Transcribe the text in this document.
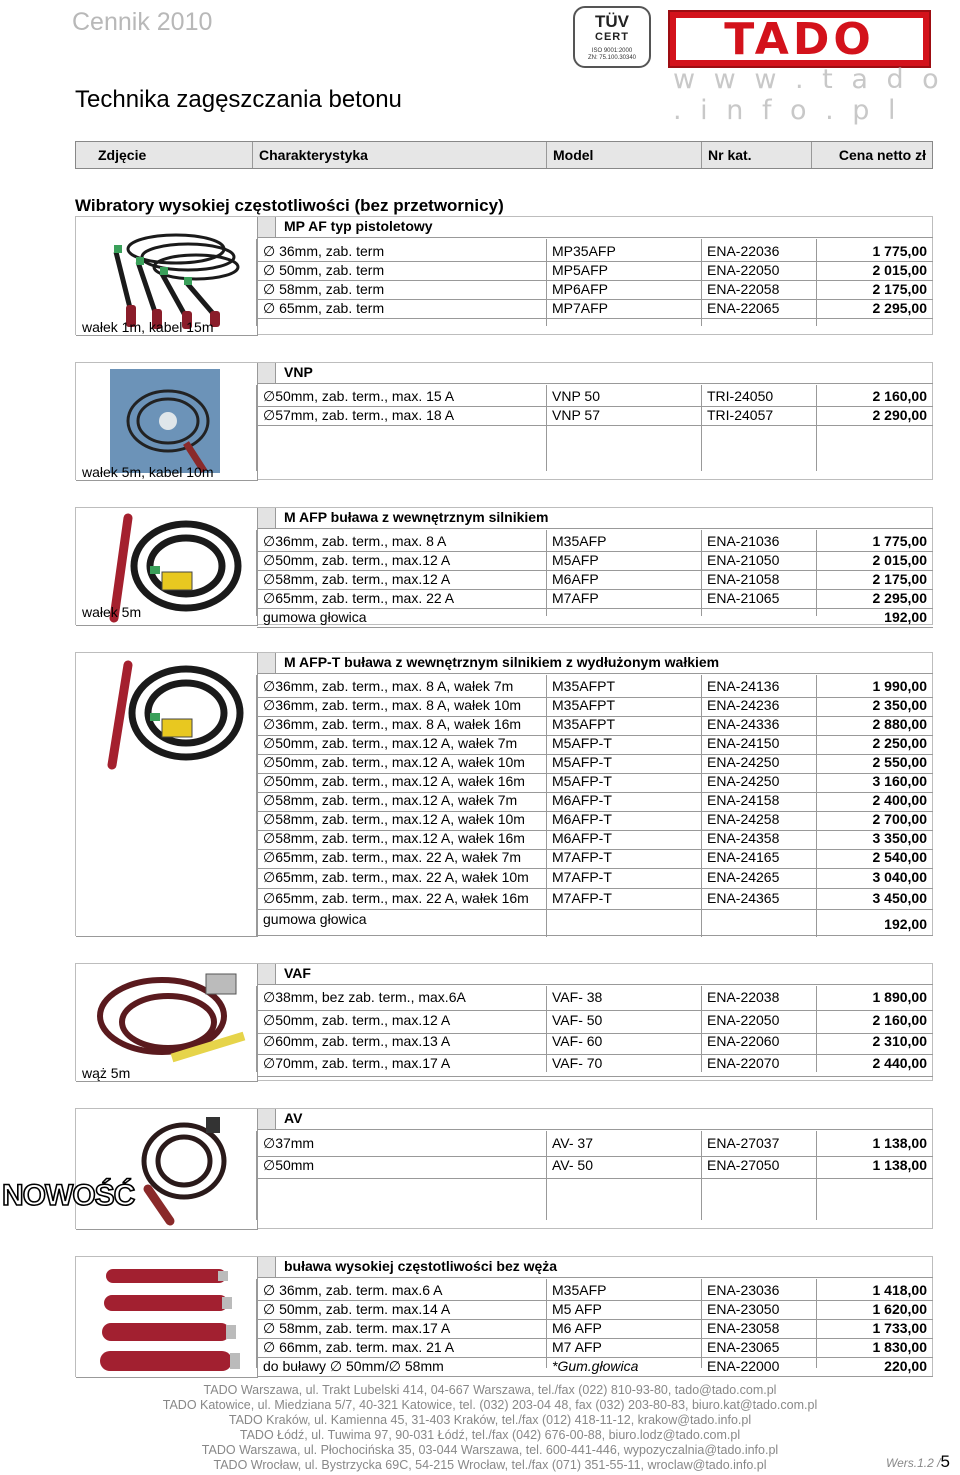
Cennik 2010
Technika zagęszczania betonu
TÜV
CERT
ISO 9001:2000
ZN: 75.100.30340	TADO
w w w . t a d o . i n f o . p l
Zdjęcie	Charakterystyka	Model	Nr kat.	Cena netto zł
Wibratory wysokiej częstotliwości (bez przetwornicy)
MP AF typ pistoletowy
∅ 36mm, zab. term	MP35AFP	ENA-22036	1 775,00
∅ 50mm, zab. term	MP5AFP	ENA-22050	2 015,00
∅ 58mm, zab. term	MP6AFP	ENA-22058	2 175,00
∅ 65mm, zab. term	MP7AFP	ENA-22065	2 295,00
wałek 1m, kabel 15m
VNP
∅50mm, zab. term., max. 15 A	VNP 50	TRI-24050	2 160,00
∅57mm, zab. term., max. 18 A	VNP 57	TRI-24057	2 290,00
wałek 5m, kabel 10m
M AFP buława z wewnętrznym silnikiem
∅36mm, zab. term., max. 8 A	M35AFP	ENA-21036	1 775,00
∅50mm, zab. term., max.12 A	M5AFP	ENA-21050	2 015,00
∅58mm, zab. term., max.12 A	M6AFP	ENA-21058	2 175,00
∅65mm, zab. term., max. 22 A	M7AFP	ENA-21065	2 295,00
gumowa głowica	192,00
wałek 5m
M AFP-T buława z wewnętrznym silnikiem z wydłużonym wałkiem
∅36mm, zab. term., max. 8 A, wałek 7m	M35AFPT	ENA-24136	1 990,00
∅36mm, zab. term., max. 8 A, wałek 10m M35AFPT	ENA-24236	2 350,00
∅36mm, zab. term., max. 8 A, wałek 16m M35AFPT	ENA-24336	2 880,00
∅50mm, zab. term., max.12 A, wałek 7m M5AFP-T	ENA-24150	2 250,00
∅50mm, zab. term., max.12 A, wałek 10m M5AFP-T	ENA-24250	2 550,00
∅50mm, zab. term., max.12 A, wałek 16m M5AFP-T	ENA-24250	3 160,00
∅58mm, zab. term., max.12 A, wałek 7m M6AFP-T	ENA-24158	2 400,00
∅58mm, zab. term., max.12 A, wałek 10m M6AFP-T	ENA-24258	2 700,00
∅58mm, zab. term., max.12 A, wałek 16m M6AFP-T	ENA-24358	3 350,00
∅65mm, zab. term., max. 22 A, wałek 7m M7AFP-T	ENA-24165	2 540,00
∅65mm, zab. term., max. 22 A, wałek 10m M7AFP-T	ENA-24265	3 040,00
∅65mm, zab. term., max. 22 A, wałek 16m M7AFP-T	ENA-24365	3 450,00
gumowa głowica	192,00
VAF
∅38mm, bez zab. term., max.6A	VAF- 38	ENA-22038	1 890,00
∅50mm, zab. term., max.12 A	VAF- 50	ENA-22050	2 160,00
∅60mm, zab. term., max.13 A	VAF- 60	ENA-22060	2 310,00
∅70mm, zab. term., max.17 A	VAF- 70	ENA-22070	2 440,00
wąż 5m
AV
∅37mm	AV- 37	ENA-27037	1 138,00
∅50mm	AV- 50	ENA-27050	1 138,00
buława wysokiej częstotliwości bez węża
∅ 36mm, zab. term. max.6 A	M35AFP	ENA-23036	1 418,00
∅ 50mm, zab. term. max.14 A	M5 AFP	ENA-23050	1 620,00
∅ 58mm, zab. term. max.17 A	M6 AFP	ENA-23058	1 733,00
∅ 66mm, zab. term. max. 21 A	M7 AFP	ENA-23065	1 830,00
do buławy ∅ 50mm/∅ 58mm	*Gum.głowica	ENA-22000	220,00
NOWOŚĆ
TADO Warszawa, ul. Trakt Lubelski 414, 04-667 Warszawa, tel./fax (022) 810-93-80, tado@tado.com.pl
TADO Katowice, ul. Miedziana 5/7, 40-321 Katowice, tel. (032) 203-04 48, fax (032) 203-80-83, biuro.kat@tado.com.pl
TADO Kraków, ul. Kamienna 45, 31-403 Kraków, tel./fax (012) 418-11-12, krakow@tado.info.pl
TADO Łódź, ul. Tuwima 97, 90-031 Łódź, tel./fax (042) 676-00-88, biuro.lodz@tado.com.pl
TADO Warszawa, ul. Płochocińska 35, 03-044 Warszawa, tel. 600-441-446, wypozyczalnia@tado.info.pl
TADO Wrocław, ul. Bystrzycka 69C, 54-215 Wrocław, tel./fax (071) 351-55-11, wroclaw@tado.info.pl	Wers.1.2 /5
